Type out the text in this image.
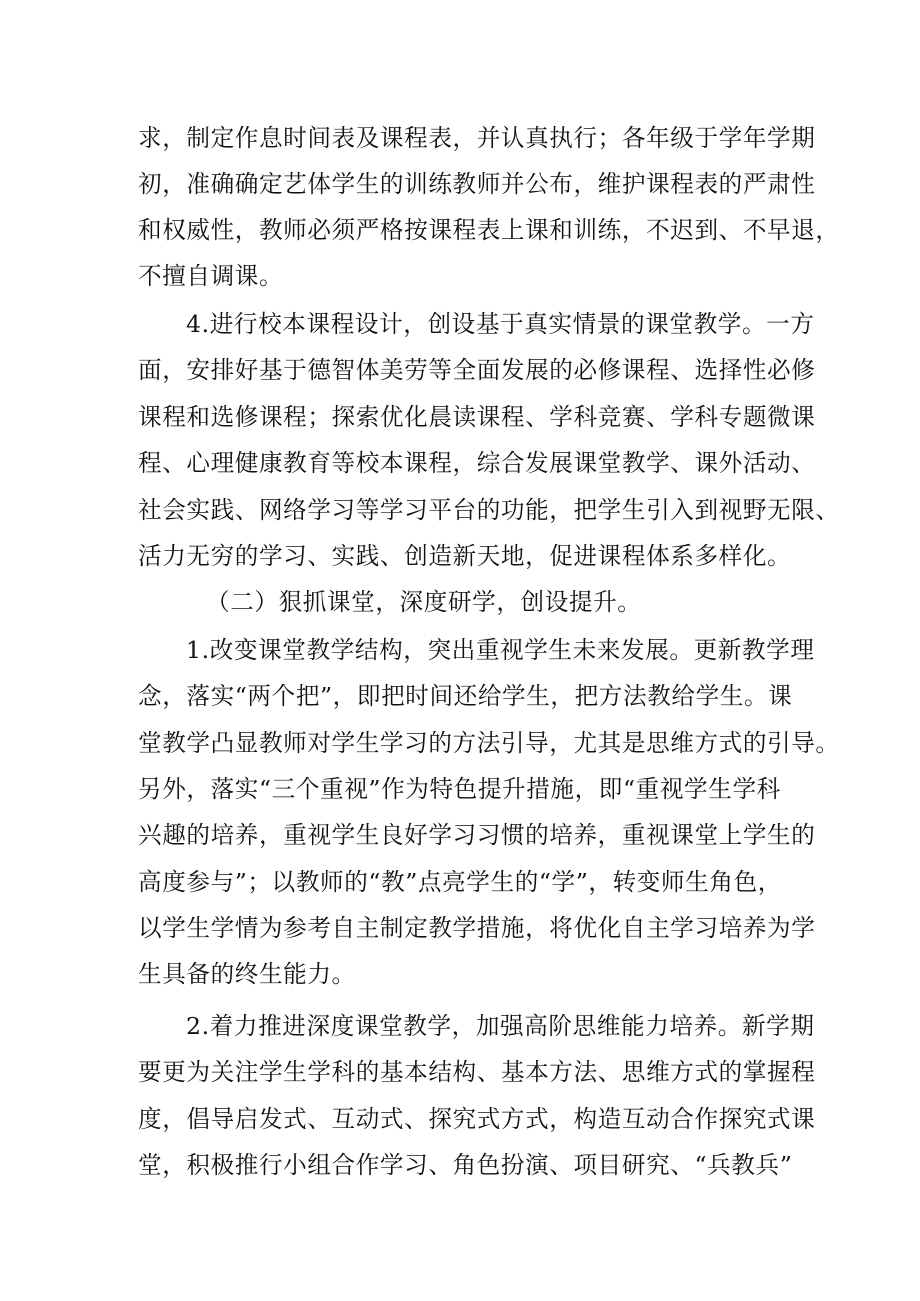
求，制定作息时间表及课程表，并认真执行；各年级于学年学期
初，准确确定艺体学生的训练教师并公布，维护课程表的严肃性
和权威性，教师必须严格按课程表上课和训练，不迟到、不早退，
不擅自调课。
4.进行校本课程设计，创设基于真实情景的课堂教学。一方
面，安排好基于德智体美劳等全面发展的必修课程、选择性必修
课程和选修课程；探索优化晨读课程、学科竞赛、学科专题微课
程、心理健康教育等校本课程，综合发展课堂教学、课外活动、
社会实践、网络学习等学习平台的功能，把学生引入到视野无限、
活力无穷的学习、实践、创造新天地，促进课程体系多样化。
（二）狠抓课堂，深度研学，创设提升。
1.改变课堂教学结构，突出重视学生未来发展。更新教学理
念，落实“两个把”，即把时间还给学生，把方法教给学生。课
堂教学凸显教师对学生学习的方法引导，尤其是思维方式的引导。
另外，落实“三个重视”作为特色提升措施，即“重视学生学科
兴趣的培养，重视学生良好学习习惯的培养，重视课堂上学生的
高度参与”；以教师的“教”点亮学生的“学”，转变师生角色，
以学生学情为参考自主制定教学措施，将优化自主学习培养为学
生具备的终生能力。
2.着力推进深度课堂教学，加强高阶思维能力培养。新学期
要更为关注学生学科的基本结构、基本方法、思维方式的掌握程
度，倡导启发式、互动式、探究式方式，构造互动合作探究式课
堂，积极推行小组合作学习、角色扮演、项目研究、“兵教兵”
